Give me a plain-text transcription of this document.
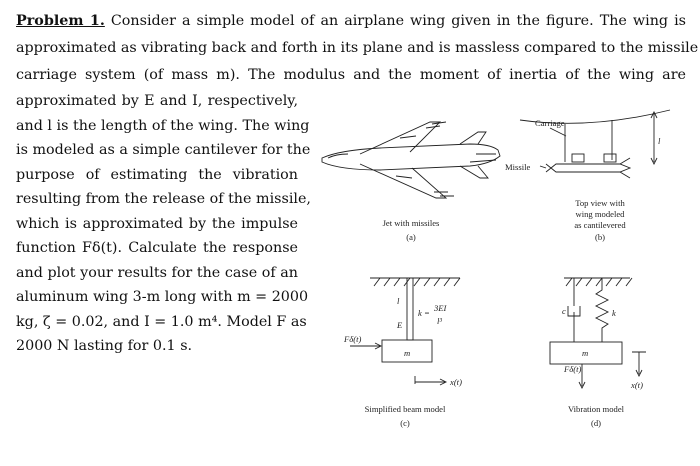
Problem 1. Consider a simple model of an airplane wing given in the figure. The wing is
approximated as vibrating back and forth in its plane and is massless compared to the missile
carriage system (of mass m). The modulus and the moment of inertia of the wing are
approximated by E and I, respectively,
and l is the length of the wing. The wing
is modeled as a simple cantilever for the
purpose of estimating the vibration
resulting from the release of the missile,
which is approximated by the impulse
function Fδ(t). Calculate the response
and plot your results for the case of an
aluminum wing 3-m long with m = 2000
kg, ζ = 0.02, and I = 1.0 m⁴. Model F as
2000 N lasting for 0.1 s.
Carriage
Missile
l
l
E
k = 3EI
l³
Fδ(t)
m
x(t)
c	k
m
Fδ(t)
x(t)
Jet with missiles
(a)
Top view with
wing modeled
as cantilevered
(b)
Simplified beam model
(c)
Vibration model
(d)
